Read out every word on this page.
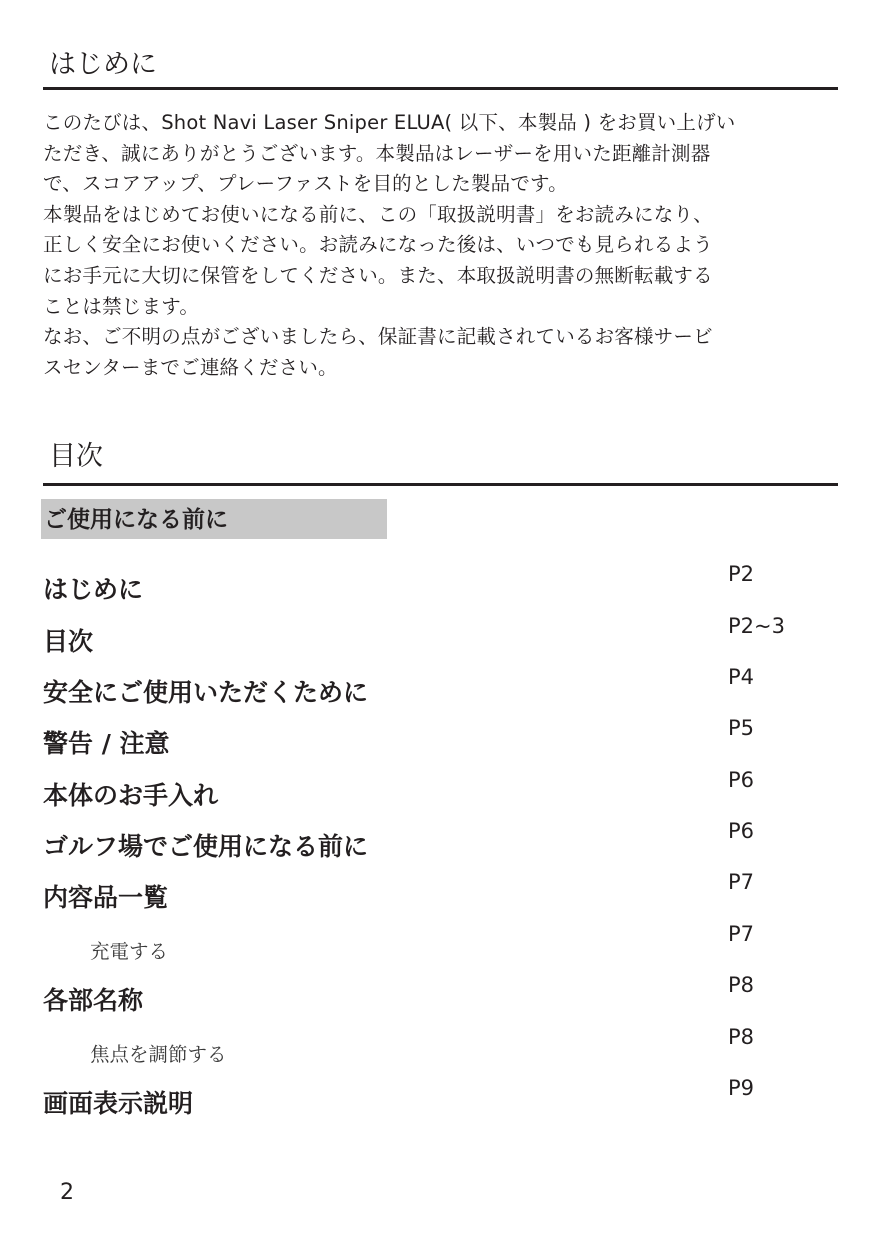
はじめに

このたびは、Shot Navi Laser Sniper ELUA( 以下、本製品 ) をお買い上げい

ただき、誠にありがとうございます。本製品はレーザーを用いた距離計測器

で、スコアアップ、プレーファストを目的とした製品です。

本製品をはじめてお使いになる前に、この「取扱説明書」をお読みになり、

正しく安全にお使いください。お読みになった後は、いつでも見られるよう

にお手元に大切に保管をしてください。また、本取扱説明書の無断転載する

ことは禁じます。

なお、ご不明の点がございましたら、保証書に記載されているお客様サービ

スセンターまでご連絡ください。

目次
ご使用になる前に
はじめに
P2
目次
P2~3
安全にご使用いただくために
P4
警告 / 注意
P5
本体のお手入れ
P6
ゴルフ場でご使用になる前に
P6
内容品一覧
P7
充電する
P7
各部名称
P8
焦点を調節する
P8
画面表示説明
P9
2
